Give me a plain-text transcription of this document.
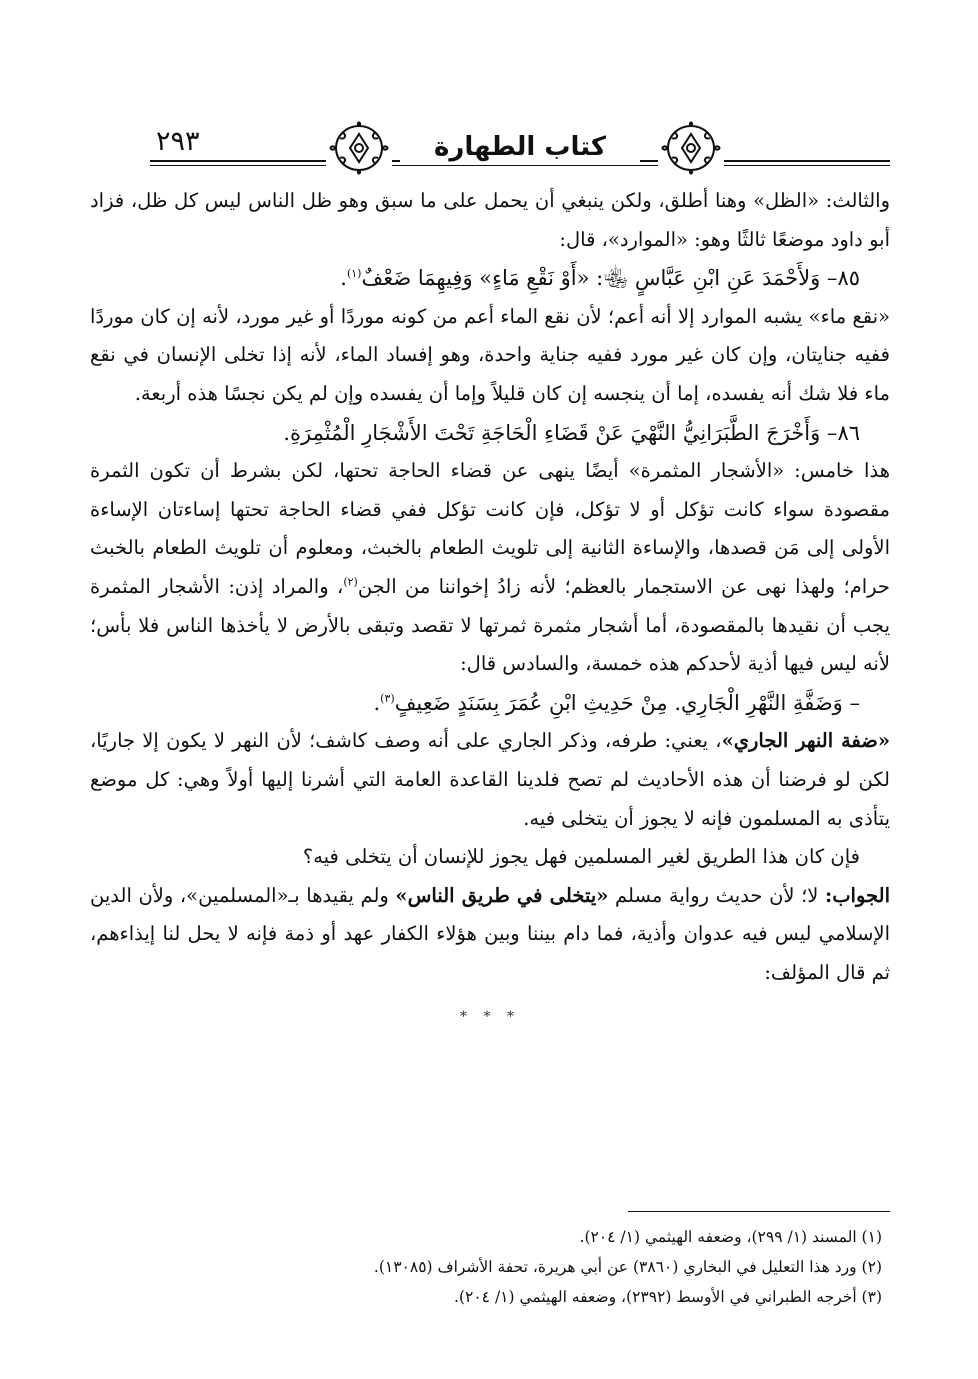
٢٩٣	كتاب الطهارة

والثالث: «الظل» وهنا أطلق، ولكن ينبغي أن يحمل على ما سبق وهو ظل الناس ليس كل ظل، فزاد أبو داود موضعًا ثالثًا وهو: «الموارد»، قال:

٨٥– وَلأَحْمَدَ عَنِ ابْنِ عَبَّاسٍ ﵄: «أَوْ نَقْعِ مَاءٍ» وَفِيهِمَا ضَعْفٌ$^{(١)}$.

«نقع ماء» يشبه الموارد إلا أنه أعم؛ لأن نقع الماء أعم من كونه موردًا أو غير مورد، لأنه إن كان موردًا ففيه جنايتان، وإن كان غير مورد ففيه جناية واحدة، وهو إفساد الماء، لأنه إذا تخلى الإنسان في نقع ماء فلا شك أنه يفسده، إما أن ينجسه إن كان قليلاً وإما أن يفسده وإن لم يكن نجسًا هذه أربعة.

٨٦– وَأَخْرَجَ الطَّبَرَانِيُّ النَّهْيَ عَنْ قَضَاءِ الْحَاجَةِ تَحْتَ الأَشْجَارِ الْمُثْمِرَةِ.

هذا خامس: «الأشجار المثمرة» أيضًا ينهى عن قضاء الحاجة تحتها، لكن بشرط أن تكون الثمرة مقصودة سواء كانت تؤكل أو لا تؤكل، فإن كانت تؤكل ففي قضاء الحاجة تحتها إساءتان الإساءة الأولى إلى مَن قصدها، والإساءة الثانية إلى تلويث الطعام بالخبث، ومعلوم أن تلويث الطعام بالخبث حرام؛ ولهذا نهى عن الاستجمار بالعظم؛ لأنه زادُ إخواننا من الجن$^{(٢)}$، والمراد إذن: الأشجار المثمرة يجب أن نقيدها بالمقصودة، أما أشجار مثمرة ثمرتها لا تقصد وتبقى بالأرض لا يأخذها الناس فلا بأس؛ لأنه ليس فيها أذية لأحدكم هذه خمسة، والسادس قال:

– وَضَفَّةِ النَّهْرِ الْجَارِي. مِنْ حَدِيثِ ابْنِ عُمَرَ بِسَنَدٍ ضَعِيفٍ$^{(٣)}$.

«ضفة النهر الجاري»، يعني: طرفه، وذكر الجاري على أنه وصف كاشف؛ لأن النهر لا يكون إلا جاريًا، لكن لو فرضنا أن هذه الأحاديث لم تصح فلدينا القاعدة العامة التي أشرنا إليها أولاً وهي: كل موضع يتأذى به المسلمون فإنه لا يجوز أن يتخلى فيه.

فإن كان هذا الطريق لغير المسلمين فهل يجوز للإنسان أن يتخلى فيه؟

الجواب: لا؛ لأن حديث رواية مسلم «يتخلى في طريق الناس» ولم يقيدها بـ«المسلمين»، ولأن الدين الإسلامي ليس فيه عدوان وأذية، فما دام بيننا وبين هؤلاء الكفار عهد أو ذمة فإنه لا يحل لنا إيذاءهم، ثم قال المؤلف:

* * *

(١) المسند (١/ ٢٩٩)، وضعفه الهيثمي (١/ ٢٠٤).

(٢) ورد هذا التعليل في البخاري (٣٨٦٠) عن أبي هريرة، تحفة الأشراف (١٣٠٨٥).

(٣) أخرجه الطبراني في الأوسط (٢٣٩٢)، وضعفه الهيثمي (١/ ٢٠٤).
